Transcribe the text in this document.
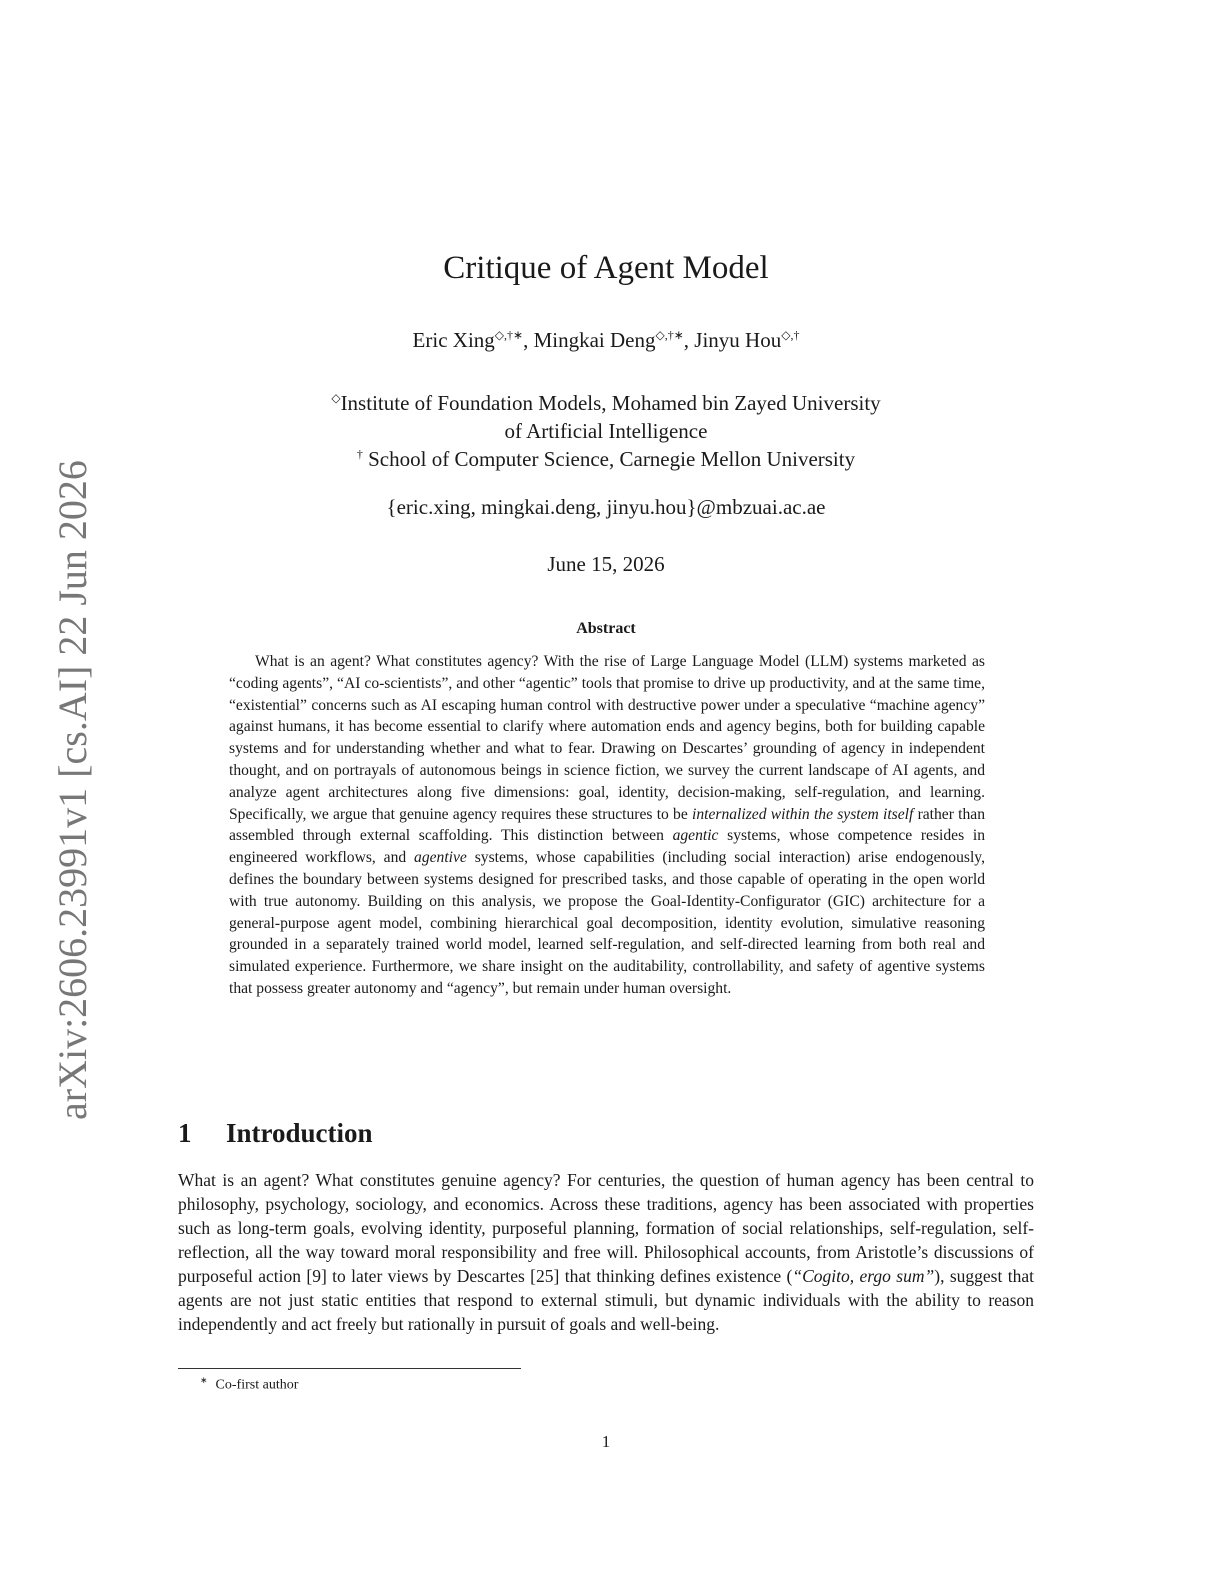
arXiv:2606.23991v1 [cs.AI] 22 Jun 2026
Critique of Agent Model
Eric Xing◇,†∗, Mingkai Deng◇,†∗, Jinyu Hou◇,†
◇Institute of Foundation Models, Mohamed bin Zayed University
of Artificial Intelligence
† School of Computer Science, Carnegie Mellon University
{eric.xing, mingkai.deng, jinyu.hou}@mbzuai.ac.ae
June 15, 2026
Abstract

What is an agent? What constitutes agency? With the rise of Large Language Model (LLM) systems marketed as “coding agents”, “AI co-scientists”, and other “agentic” tools that promise to drive up productivity, and at the same time, “existential” concerns such as AI escaping human control with destructive power under a speculative “machine agency” against humans, it has become essential to clarify where automation ends and agency begins, both for building capable systems and for understanding whether and what to fear. Drawing on Descartes’ grounding of agency in independent thought, and on portrayals of autonomous beings in science fiction, we survey the current landscape of AI agents, and analyze agent architectures along five dimensions: goal, identity, decision-making, self-regulation, and learning. Specifically, we argue that genuine agency requires these structures to be internalized within the system itself rather than assembled through external scaffolding. This distinction between agentic systems, whose competence resides in engineered workflows, and agentive systems, whose capabilities (including social interaction) arise endogenously, defines the boundary between systems designed for prescribed tasks, and those capable of operating in the open world with true autonomy. Building on this analysis, we propose the Goal-Identity-Configurator (GIC) architecture for a general-purpose agent model, combining hierarchical goal decomposition, identity evolution, simulative reasoning grounded in a separately trained world model, learned self-regulation, and self-directed learning from both real and simulated experience. Furthermore, we share insight on the auditability, controllability, and safety of agentive systems that possess greater autonomy and “agency”, but remain under human oversight.

1 Introduction

What is an agent? What constitutes genuine agency? For centuries, the question of human agency has been central to philosophy, psychology, sociology, and economics. Across these traditions, agency has been associated with properties such as long-term goals, evolving identity, purposeful planning, formation of social relationships, self-regulation, self-reflection, all the way toward moral responsibility and free will. Philosophical accounts, from Aristotle’s discussions of purposeful action [9] to later views by Descartes [25] that thinking defines existence (“Cogito, ergo sum”), suggest that agents are not just static entities that respond to external stimuli, but dynamic individuals with the ability to reason independently and act freely but rationally in pursuit of goals and well-being.

∗ Co-first author
1
